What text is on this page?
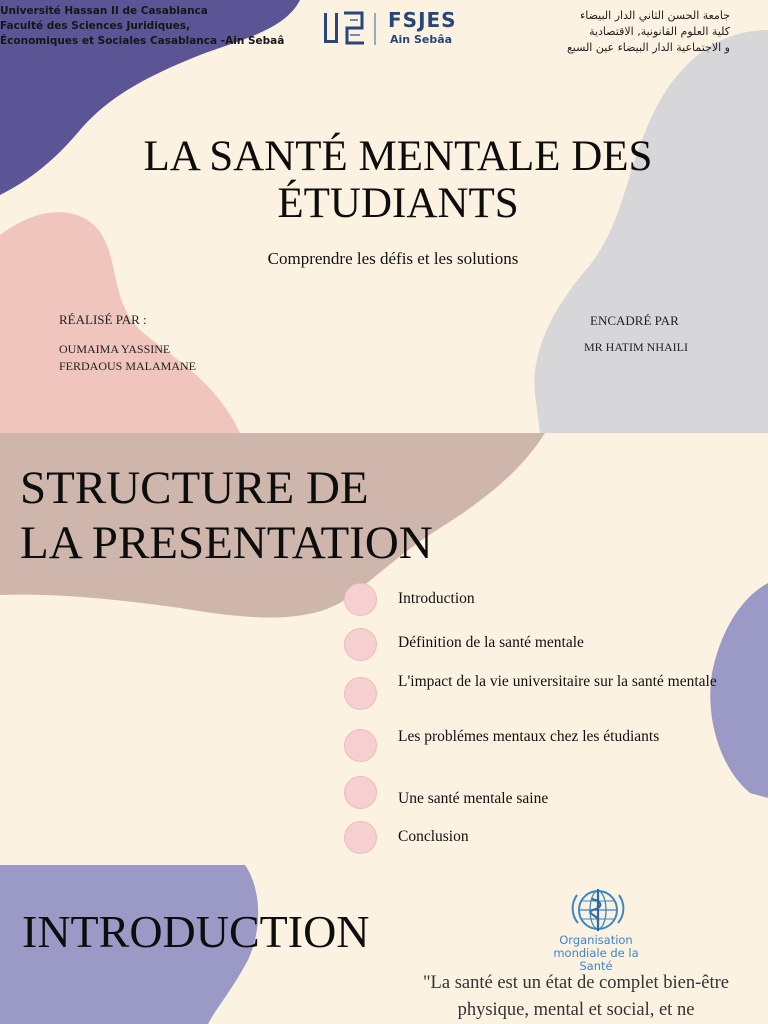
Université Hassan II de Casablanca
Faculté des Sciences Juridiques,
Économiques et Sociales Casablanca -Ain Sebaâ
FSJES
Ain Sebâa
جامعة الحسن الثاني الدار البيضاء
كلية العلوم القانونية, الاقتصادية
و الاجتماعية الدار البيضاء عين السبع
LA SANTÉ MENTALE DES
ÉTUDIANTS
Comprendre les défis et les solutions
RÉALISÉ PAR :
OUMAIMA YASSINE
FERDAOUS MALAMANE
ENCADRÉ PAR
MR HATIM NHAILI
STRUCTURE DE
LA PRESENTATION
Introduction
Définition de la santé mentale
L'impact de la vie universitaire sur la santé mentale
Les problémes mentaux chez les étudiants
Une santé mentale saine
Conclusion
INTRODUCTION	Organisation
mondiale de la Santé
"La santé est un état de complet bien-être physique, mental et social, et ne
